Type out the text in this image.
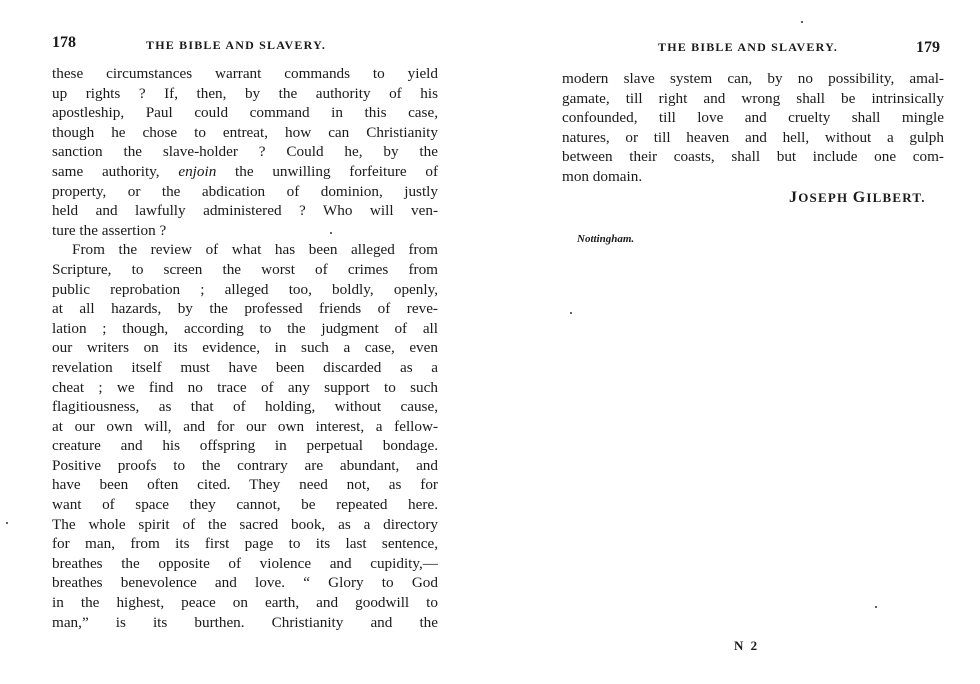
178	THE BIBLE AND SLAVERY.
these circumstances warrant commands to yield
up rights ? If, then, by the authority of his
apostleship, Paul could command in this case,
though he chose to entreat, how can Christianity
sanction the slave-holder ? Could he, by the
same authority, enjoin the unwilling forfeiture of
property, or the abdication of dominion, justly
held and lawfully administered ? Who will ven-
ture the assertion ?
From the review of what has been alleged from
Scripture, to screen the worst of crimes from
public reprobation ; alleged too, boldly, openly,
at all hazards, by the professed friends of reve-
lation ; though, according to the judgment of all
our writers on its evidence, in such a case, even
revelation itself must have been discarded as a
cheat ; we find no trace of any support to such
flagitiousness, as that of holding, without cause,
at our own will, and for our own interest, a fellow-
creature and his offspring in perpetual bondage.
Positive proofs to the contrary are abundant, and
have been often cited. They need not, as for
want of space they cannot, be repeated here.
The whole spirit of the sacred book, as a directory
for man, from its first page to its last sentence,
breathes the opposite of violence and cupidity,—
breathes benevolence and love. “ Glory to God
in the highest, peace on earth, and goodwill to
man,” is its burthen. Christianity and the
THE BIBLE AND SLAVERY.	179
modern slave system can, by no possibility, amal-
gamate, till right and wrong shall be intrinsically
confounded, till love and cruelty shall mingle
natures, or till heaven and hell, without a gulph
between their coasts, shall but include one com-
mon domain.
JOSEPH GILBERT.
Nottingham.
N 2
